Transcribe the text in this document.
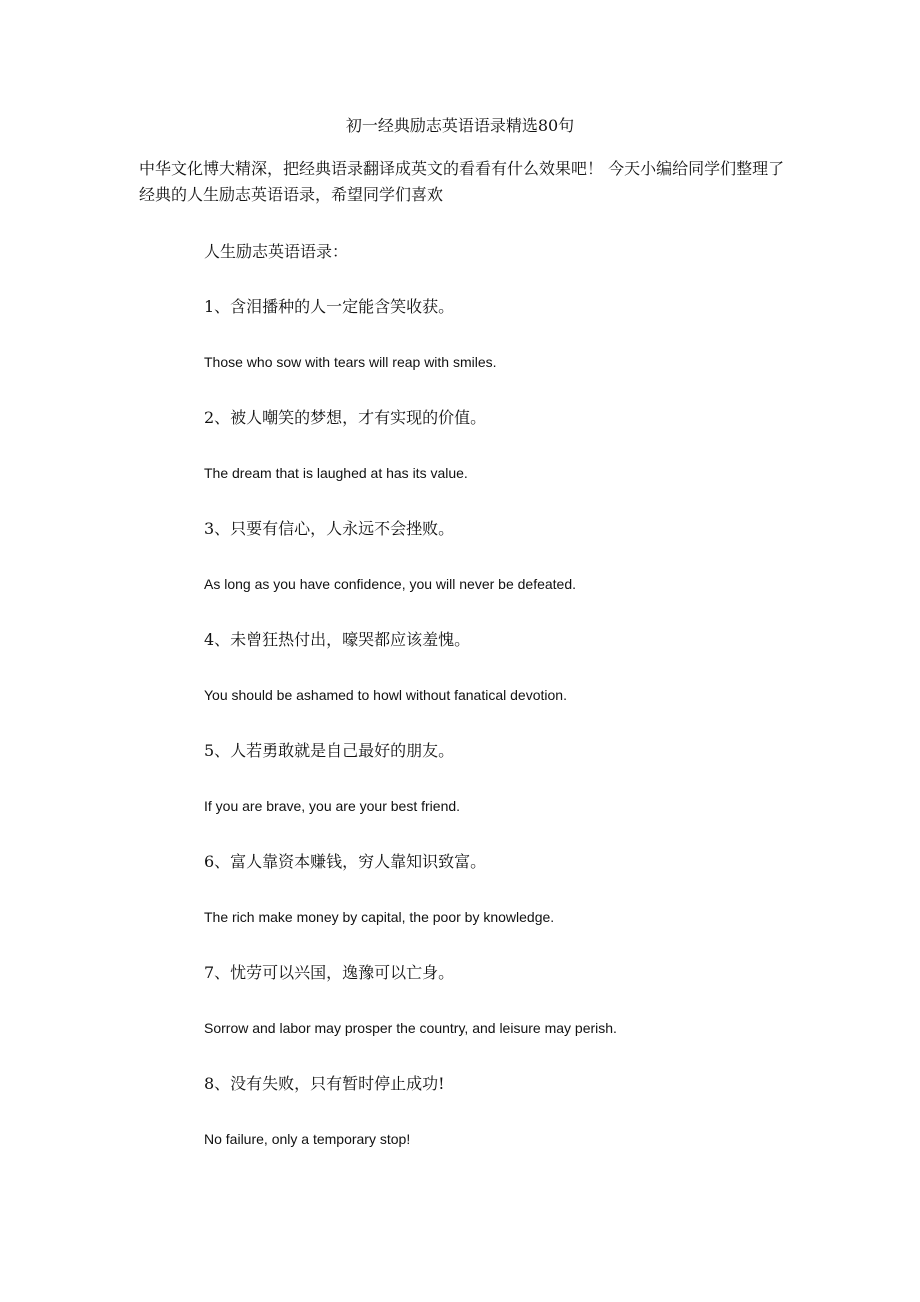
初一经典励志英语语录精选80句
中华文化博大精深，把经典语录翻译成英文的看看有什么效果吧！ 今天小编给同学们整理了经典的人生励志英语语录，希望同学们喜欢
人生励志英语语录：
1、含泪播种的人一定能含笑收获。
Those who sow with tears will reap with smiles.
2、被人嘲笑的梦想，才有实现的价值。
The dream that is laughed at has its value.
3、只要有信心，人永远不会挫败。
As long as you have confidence, you will never be defeated.
4、未曾狂热付出，嚎哭都应该羞愧。
You should be ashamed to howl without fanatical devotion.
5、人若勇敢就是自己最好的朋友。
If you are brave, you are your best friend.
6、富人靠资本赚钱，穷人靠知识致富。
The rich make money by capital, the poor by knowledge.
7、忧劳可以兴国，逸豫可以亡身。
Sorrow and labor may prosper the country, and leisure may perish.
8、没有失败，只有暂时停止成功!
No failure, only a temporary stop!
